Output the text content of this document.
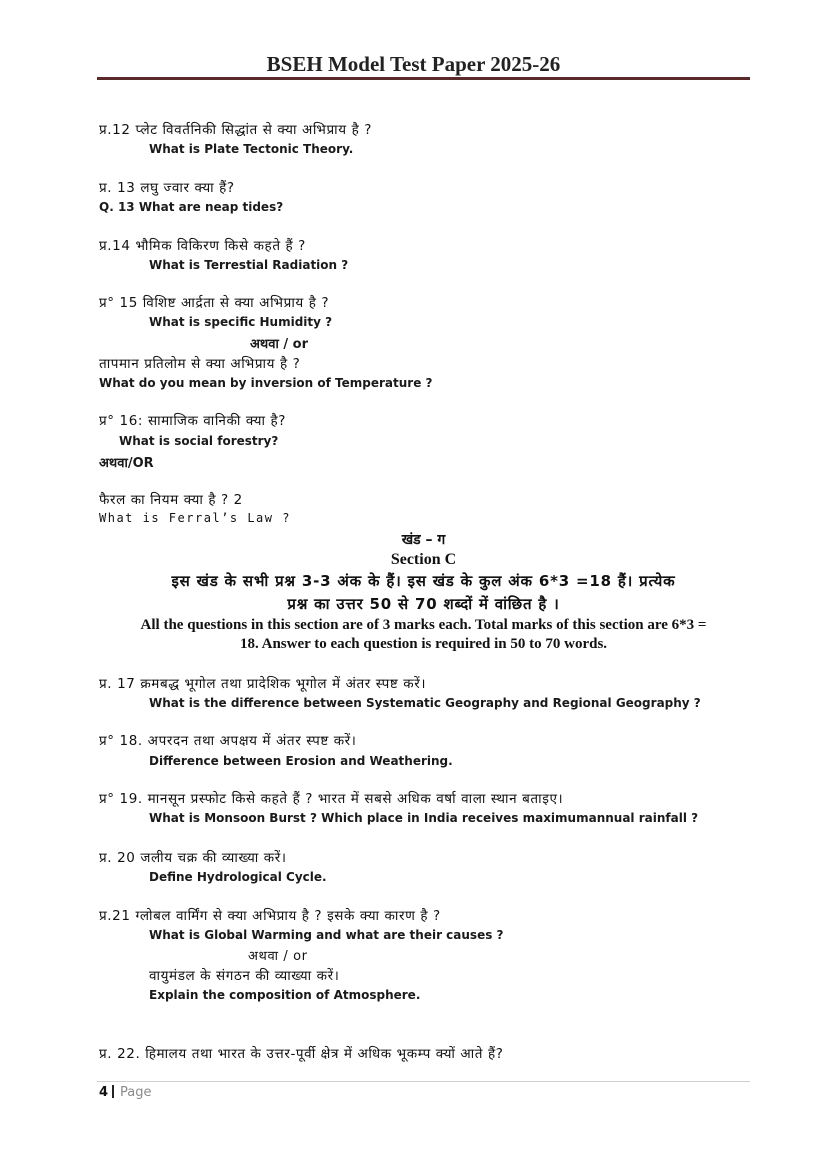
BSEH Model Test Paper 2025-26
प्र.12 प्लेट विवर्तनिकी सिद्धांत से क्या अभिप्राय है ?
What is Plate Tectonic Theory.
प्र. 13 लघु ज्वार क्या हैं?
Q. 13 What are neap tides?
प्र.14 भौमिक विकिरण किसे कहते हैं ?
What is Terrestial Radiation ?
प्र° 15 विशिष्ट आर्द्रता से क्या अभिप्राय है ?
What is specific Humidity ?
अथवा / or
तापमान प्रतिलोम से क्या अभिप्राय है ?
What do you mean by inversion of Temperature ?
प्र° 16: सामाजिक वानिकी क्या है?
What is social forestry?
अथवा/OR
फैरल का नियम क्या है ? 2
What is Ferral’s Law ?
खंड – ग
Section C
इस खंड के सभी प्रश्न 3-3 अंक के हैं। इस खंड के कुल अंक 6*3 =18 हैं। प्रत्येक
प्रश्न का उत्तर 50 से 70 शब्दों में वांछित है ।
All the questions in this section are of 3 marks each. Total marks of this section are 6*3 =
18. Answer to each question is required in 50 to 70 words.
प्र. 17 क्रमबद्ध भूगोल तथा प्रादेशिक भूगोल में अंतर स्पष्ट करें।
What is the difference between Systematic Geography and Regional Geography ?
प्र° 18. अपरदन तथा अपक्षय में अंतर स्पष्ट करें।
Difference between Erosion and Weathering.
प्र° 19. मानसून प्रस्फोट किसे कहते हैं ? भारत में सबसे अधिक वर्षा वाला स्थान बताइए।
What is Monsoon Burst ? Which place in India receives maximumannual rainfall ?
प्र. 20 जलीय चक्र की व्याख्या करें।
Define Hydrological Cycle.
प्र.21 ग्लोबल वार्मिंग से क्या अभिप्राय है ? इसके क्या कारण है ?
What is Global Warming and what are their causes ?
अथवा / or
वायुमंडल के संगठन की व्याख्या करें।
Explain the composition of Atmosphere.
प्र. 22. हिमालय तथा भारत के उत्तर-पूर्वी क्षेत्र में अधिक भूकम्प क्यों आते हैं?
4 Page
